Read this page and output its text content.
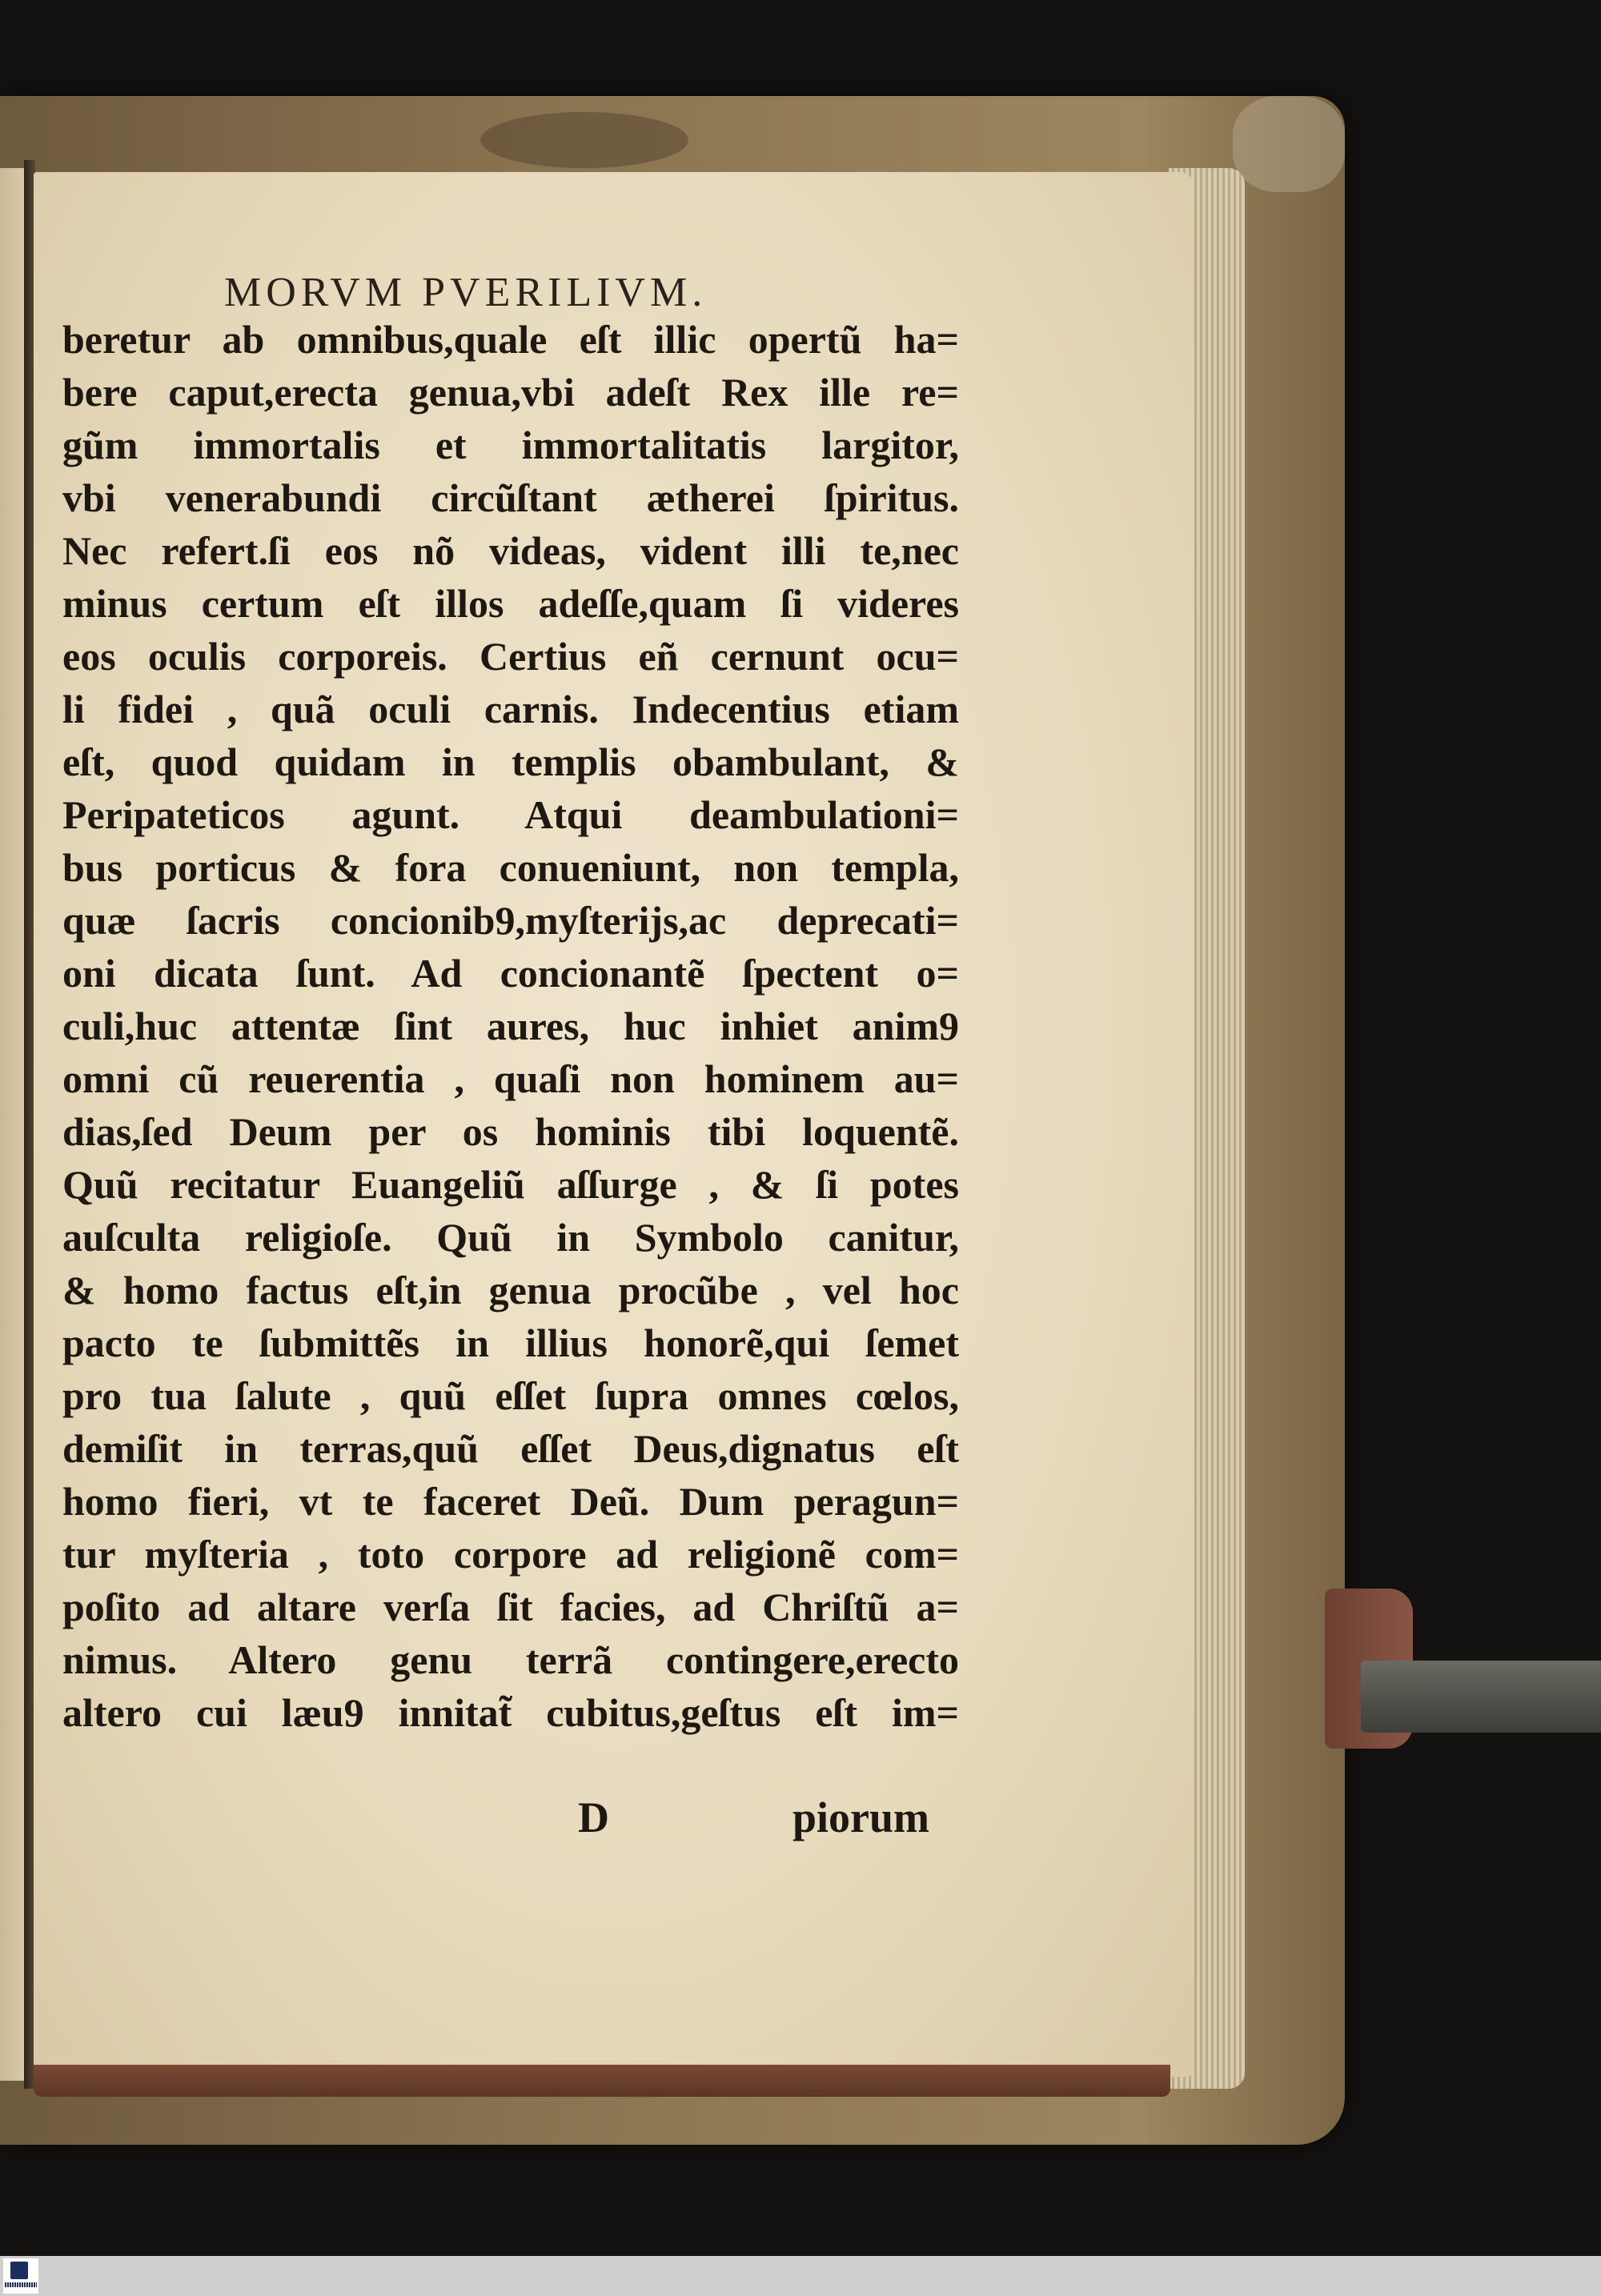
MORVM PVERILIVM.
beretur ab omnibus,quale eſt illic opertũ ha=
bere caput,erecta genua,vbi adeſt Rex ille re=
gũm immortalis et immortalitatis largitor,
vbi venerabundi circũſtant ætherei ſpiritus.
Nec refert.ſi eos nõ videas, vident illi te,nec
minus certum eſt illos adeſſe,quam ſi videres
eos oculis corporeis. Certius eñ cernunt ocu=
li fidei , quã oculi carnis. Indecentius etiam
eſt, quod quidam in templis obambulant, &
Peripateticos agunt. Atqui deambulationi=
bus porticus & fora conueniunt, non templa,
quæ ſacris concionib9,myſterijs,ac deprecati=
oni dicata ſunt. Ad concionantẽ ſpectent o=
culi,huc attentæ ſint aures, huc inhiet anim9
omni cũ reuerentia , quaſi non hominem au=
dias,ſed Deum per os hominis tibi loquentẽ.
Quũ recitatur Euangeliũ aſſurge , & ſi potes
auſculta religioſe. Quũ in Symbolo canitur,
& homo factus eſt,in genua procũbe , vel hoc
pacto te ſubmittẽs in illius honorẽ,qui ſemet
pro tua ſalute , quũ eſſet ſupra omnes cœlos,
demiſit in terras,quũ eſſet Deus,dignatus eſt
homo fieri, vt te faceret Deũ. Dum peragun=
tur myſteria , toto corpore ad religionẽ com=
poſito ad altare verſa ſit facies, ad Chriſtũ a=
nimus. Altero genu terrã contingere,erecto
altero cui læu9 innitat̃ cubitus,geſtus eſt im=
D	piorum
